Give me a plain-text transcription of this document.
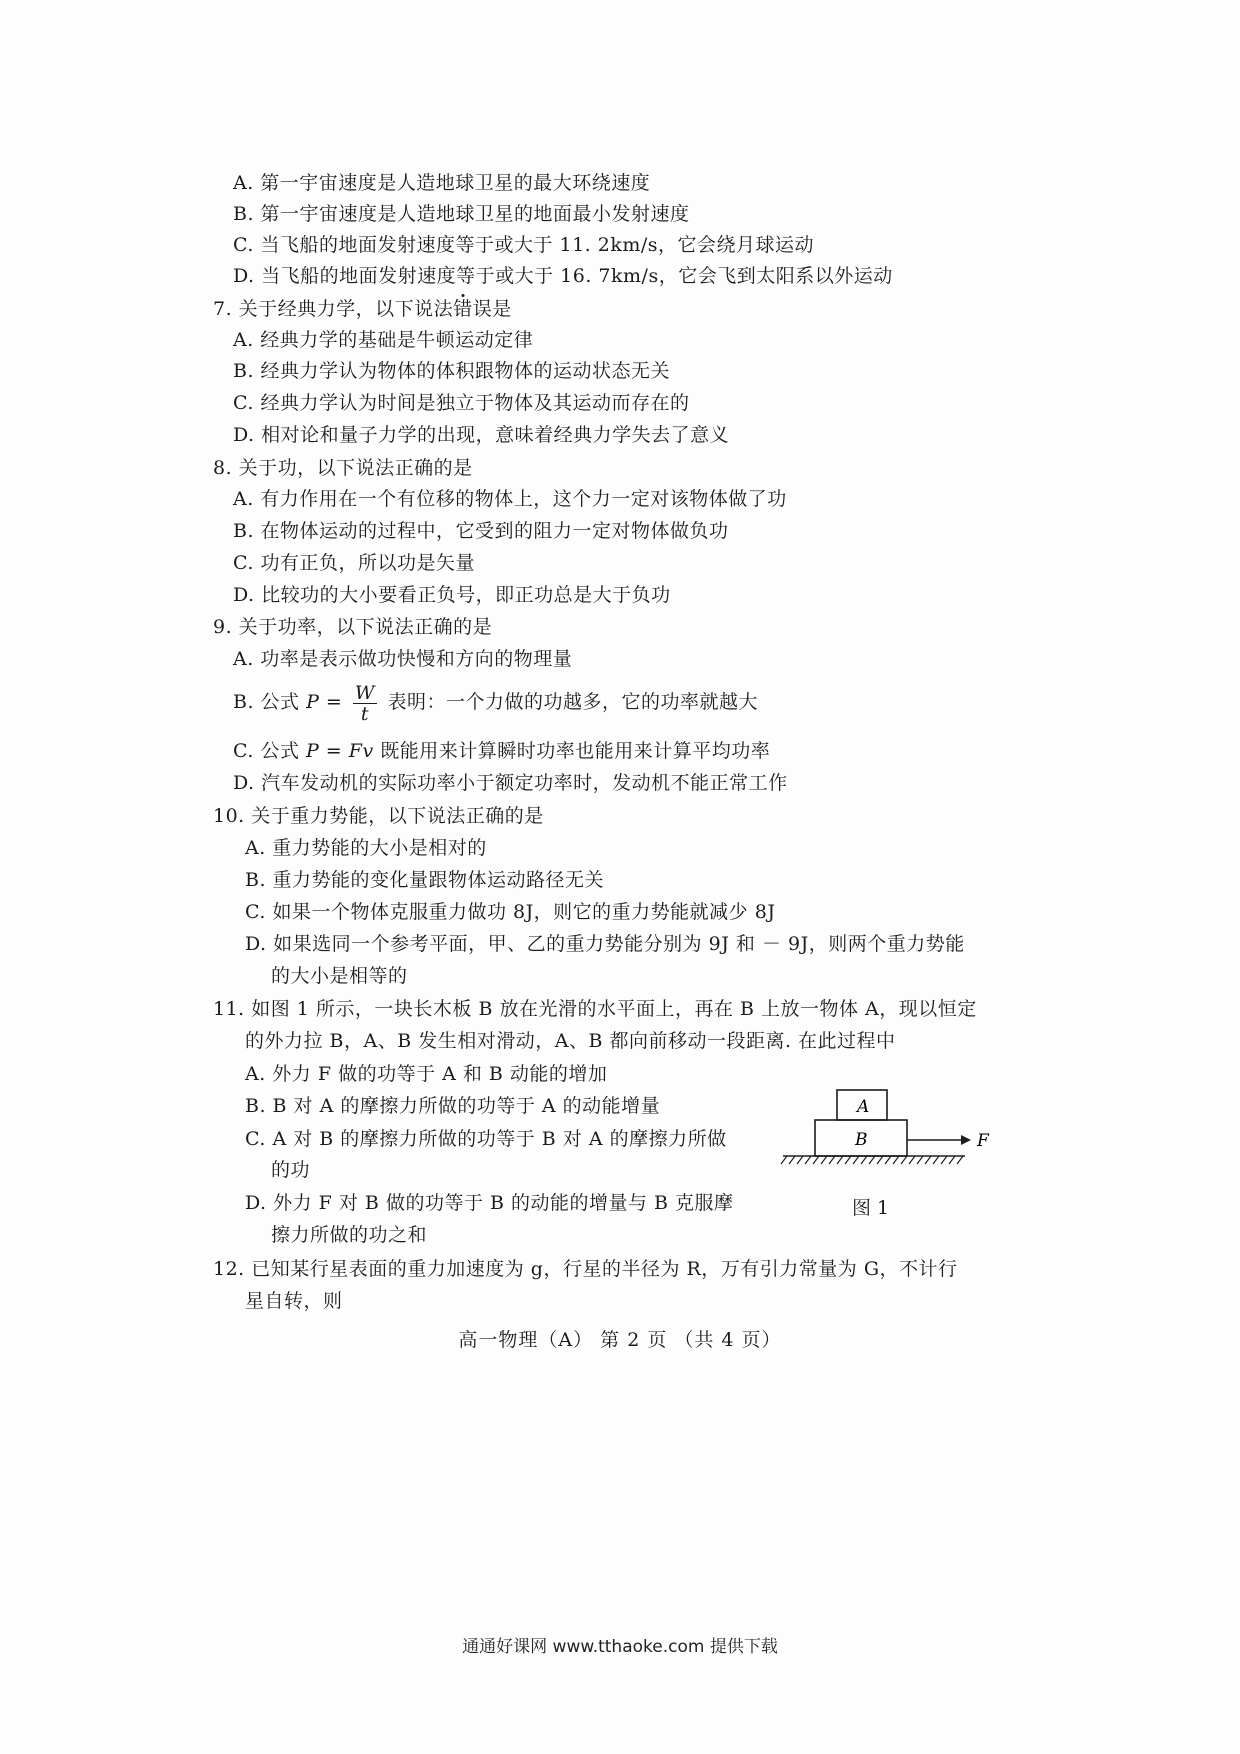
A. 第一宇宙速度是人造地球卫星的最大环绕速度
B. 第一宇宙速度是人造地球卫星的地面最小发射速度
C. 当飞船的地面发射速度等于或大于 11. 2km/s，它会绕月球运动
D. 当飞船的地面发射速度等于或大于 16. 7km/s，它会飞到太阳系以外运动
7. 关于经典力学，以下说法错误是
A. 经典力学的基础是牛顿运动定律
B. 经典力学认为物体的体积跟物体的运动状态无关
C. 经典力学认为时间是独立于物体及其运动而存在的
D. 相对论和量子力学的出现，意味着经典力学失去了意义
8. 关于功，以下说法正确的是
A. 有力作用在一个有位移的物体上，这个力一定对该物体做了功
B. 在物体运动的过程中，它受到的阻力一定对物体做负功
C. 功有正负，所以功是矢量
D. 比较功的大小要看正负号，即正功总是大于负功
9. 关于功率，以下说法正确的是
A. 功率是表示做功快慢和方向的物理量
B. 公式 $P = \frac{W}{t}$ 表明：一个力做的功越多，它的功率就越大
C. 公式 P = Fv 既能用来计算瞬时功率也能用来计算平均功率
D. 汽车发动机的实际功率小于额定功率时，发动机不能正常工作
10. 关于重力势能，以下说法正确的是
A. 重力势能的大小是相对的
B. 重力势能的变化量跟物体运动路径无关
C. 如果一个物体克服重力做功 8J，则它的重力势能就减少 8J
D. 如果选同一个参考平面，甲、乙的重力势能分别为 9J 和 － 9J，则两个重力势能
的大小是相等的
11. 如图 1 所示，一块长木板 B 放在光滑的水平面上，再在 B 上放一物体 A，现以恒定
的外力拉 B，A、B 发生相对滑动，A、B 都向前移动一段距离. 在此过程中
A. 外力 F 做的功等于 A 和 B 动能的增加
B. B 对 A 的摩擦力所做的功等于 A 的动能增量
C. A 对 B 的摩擦力所做的功等于 B 对 A 的摩擦力所做
的功
D. 外力 F 对 B 做的功等于 B 的动能的增量与 B 克服摩
擦力所做的功之和
A
B	F
图 1
12. 已知某行星表面的重力加速度为 g，行星的半径为 R，万有引力常量为 G，不计行
星自转，则
高一物理（A） 第 2 页 （共 4 页）
通通好课网 www.tthaoke.com 提供下载
